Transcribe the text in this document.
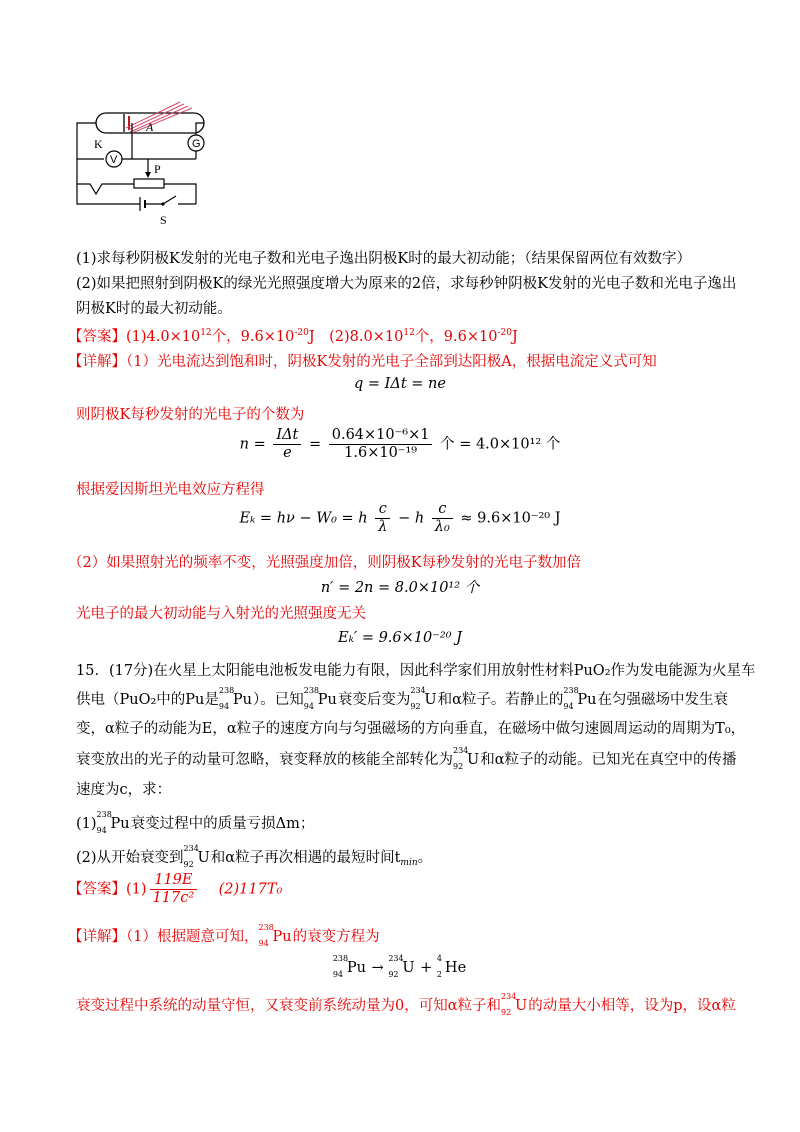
A
G
K
V
P
S
(1)求每秒阴极K发射的光电子数和光电子逸出阴极K时的最大初动能；（结果保留两位有效数字）
(2)如果把照射到阴极K的绿光光照强度增大为原来的2倍，求每秒钟阴极K发射的光电子数和光电子逸出
阴极K时的最大初动能。
【答案】$(1)4.0\times 10^{12}$个，$9.6\times 10^{-20}J$　$(2)8.0\times 10^{12}$个，$9.6\times 10^{-20}J$
【详解】（1）光电流达到饱和时，阴极K发射的光电子全部到达阳极A，根据电流定义式可知
q = IΔt = ne
则阴极K每秒发射的光电子的个数为
$n = \frac{\text{IΔt}}{e} = \frac{\text{0.64×10⁻⁶×1}}{\text{1.6×10⁻¹⁹}}$ 个 = 4.0×10¹² 个
根据爱因斯坦光电效应方程得
Eₖ = hν − W₀ = h $\frac{c}{\lambda} - h \frac{c}{\text{λ₀}} \approx 9.6\times 10^{-20}$ J
（2）如果照射光的频率不变，光照强度加倍，则阴极K每秒发射的光电子数加倍
n′ = 2n = 8.0×10¹² 个
光电子的最大初动能与入射光的光照强度无关
Eₖ′ = 9.6×10⁻²⁰ J
15．(17分)在火星上太阳能电池板发电能力有限，因此科学家们用放射性材料PuO₂作为发电能源为火星车
供电（PuO₂中的Pu是
238
94 Pu）。已知
238
94 Pu衰变后变为
234
92 U和α粒子。若静止的
238
94 Pu在匀强磁场中发生衰
变，α粒子的动能为E，α粒子的速度方向与匀强磁场的方向垂直，在磁场中做匀速圆周运动的周期为T₀，
衰变放出的光子的动量可忽略，衰变释放的核能全部转化为
234
92 U和α粒子的动能。已知光在真空中的传播
速度为c，求：
(1)
238
94 Pu衰变过程中的质量亏损Δm；
(2)从开始衰变到
234
92 U和α粒子再次相遇的最短时间$t_{min}$。
【答案】$(1) \frac{119E}{\text{117c²}} (2)117T_0$
【详解】（1）根据题意可知，
238
94 Pu的衰变方程为
238
94 Pu →
234
92 U +
4
2 He
衰变过程中系统的动量守恒，又衰变前系统动量为0，可知α粒子和
234
92 U的动量大小相等，设为p，设α粒
